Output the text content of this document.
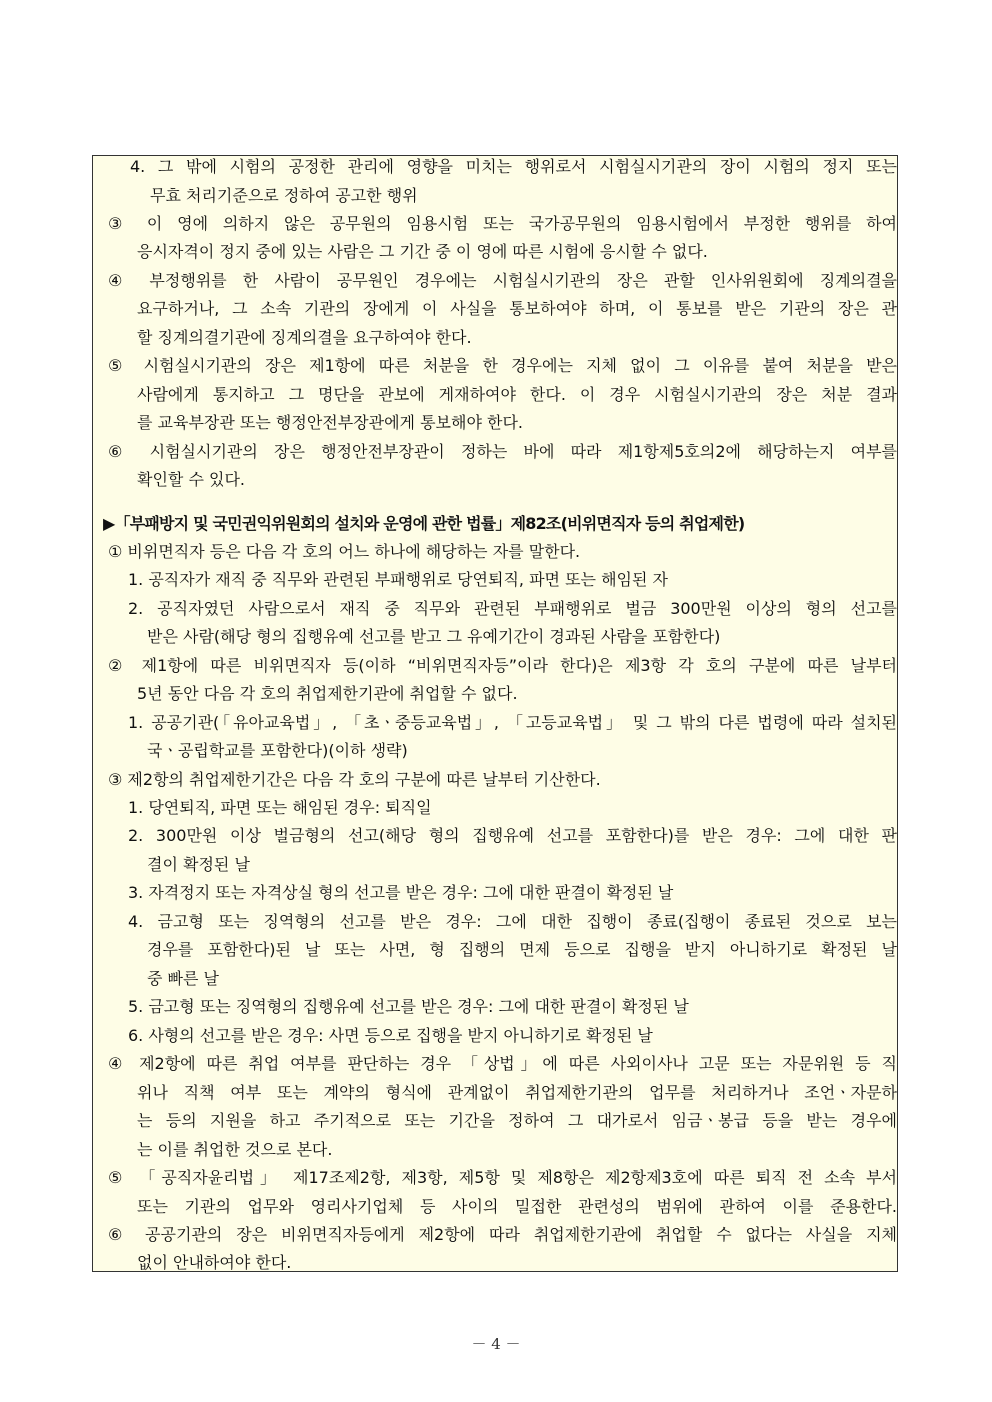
4. 그 밖에 시험의 공정한 관리에 영향을 미치는 행위로서 시험실시기관의 장이 시험의 정지 또는
무효 처리기준으로 정하여 공고한 행위
③ 이 영에 의하지 않은 공무원의 임용시험 또는 국가공무원의 임용시험에서 부정한 행위를 하여
응시자격이 정지 중에 있는 사람은 그 기간 중 이 영에 따른 시험에 응시할 수 없다.
④ 부정행위를 한 사람이 공무원인 경우에는 시험실시기관의 장은 관할 인사위원회에 징계의결을
요구하거나, 그 소속 기관의 장에게 이 사실을 통보하여야 하며, 이 통보를 받은 기관의 장은 관
할 징계의결기관에 징계의결을 요구하여야 한다.
⑤ 시험실시기관의 장은 제1항에 따른 처분을 한 경우에는 지체 없이 그 이유를 붙여 처분을 받은
사람에게 통지하고 그 명단을 관보에 게재하여야 한다. 이 경우 시험실시기관의 장은 처분 결과
를 교육부장관 또는 행정안전부장관에게 통보해야 한다.
⑥ 시험실시기관의 장은 행정안전부장관이 정하는 바에 따라 제1항제5호의2에 해당하는지 여부를
확인할 수 있다.
▶「부패방지 및 국민권익위원회의 설치와 운영에 관한 법률」제82조(비위면직자 등의 취업제한)
① 비위면직자 등은 다음 각 호의 어느 하나에 해당하는 자를 말한다.
1. 공직자가 재직 중 직무와 관련된 부패행위로 당연퇴직, 파면 또는 해임된 자
2. 공직자였던 사람으로서 재직 중 직무와 관련된 부패행위로 벌금 300만원 이상의 형의 선고를
받은 사람(해당 형의 집행유예 선고를 받고 그 유예기간이 경과된 사람을 포함한다)
② 제1항에 따른 비위면직자 등(이하 “비위면직자등”이라 한다)은 제3항 각 호의 구분에 따른 날부터
5년 동안 다음 각 호의 취업제한기관에 취업할 수 없다.
1. 공공기관(「유아교육법」, 「초ㆍ중등교육법」, 「고등교육법」 및 그 밖의 다른 법령에 따라 설치된
국ㆍ공립학교를 포함한다)(이하 생략)
③ 제2항의 취업제한기간은 다음 각 호의 구분에 따른 날부터 기산한다.
1. 당연퇴직, 파면 또는 해임된 경우: 퇴직일
2. 300만원 이상 벌금형의 선고(해당 형의 집행유예 선고를 포함한다)를 받은 경우: 그에 대한 판
결이 확정된 날
3. 자격정지 또는 자격상실 형의 선고를 받은 경우: 그에 대한 판결이 확정된 날
4. 금고형 또는 징역형의 선고를 받은 경우: 그에 대한 집행이 종료(집행이 종료된 것으로 보는
경우를 포함한다)된 날 또는 사면, 형 집행의 면제 등으로 집행을 받지 아니하기로 확정된 날
중 빠른 날
5. 금고형 또는 징역형의 집행유예 선고를 받은 경우: 그에 대한 판결이 확정된 날
6. 사형의 선고를 받은 경우: 사면 등으로 집행을 받지 아니하기로 확정된 날
④ 제2항에 따른 취업 여부를 판단하는 경우 「상법」에 따른 사외이사나 고문 또는 자문위원 등 직
위나 직책 여부 또는 계약의 형식에 관계없이 취업제한기관의 업무를 처리하거나 조언ㆍ자문하
는 등의 지원을 하고 주기적으로 또는 기간을 정하여 그 대가로서 임금ㆍ봉급 등을 받는 경우에
는 이를 취업한 것으로 본다.
⑤ 「공직자윤리법」 제17조제2항, 제3항, 제5항 및 제8항은 제2항제3호에 따른 퇴직 전 소속 부서
또는 기관의 업무와 영리사기업체 등 사이의 밀접한 관련성의 범위에 관하여 이를 준용한다.
⑥ 공공기관의 장은 비위면직자등에게 제2항에 따라 취업제한기관에 취업할 수 없다는 사실을 지체
없이 안내하여야 한다.
－ 4 －
